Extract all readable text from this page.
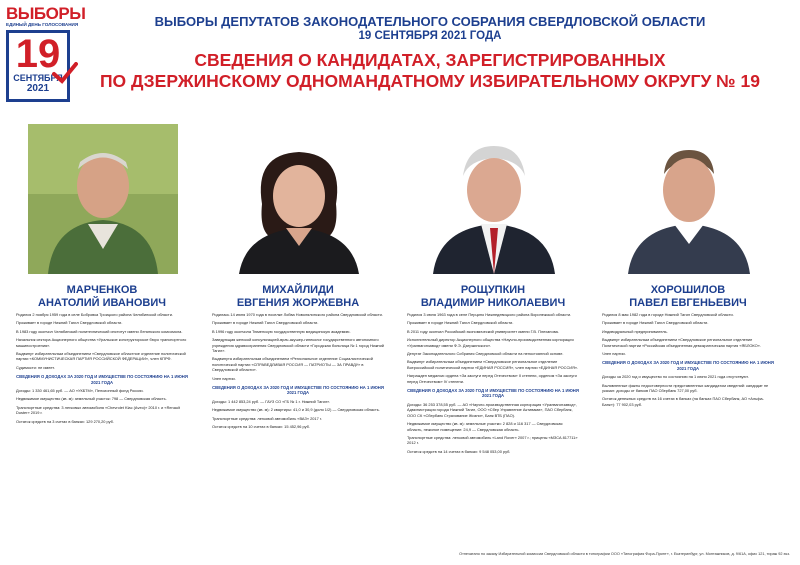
ВЫБОРЫ
ЕДИНЫЙ ДЕНЬ ГОЛОСОВАНИЯ
19
СЕНТЯБРЯ
2021
ВЫБОРЫ ДЕПУТАТОВ ЗАКОНОДАТЕЛЬНОГО СОБРАНИЯ СВЕРДЛОВСКОЙ ОБЛАСТИ
19 СЕНТЯБРЯ 2021 ГОДА
СВЕДЕНИЯ О КАНДИДАТАХ, ЗАРЕГИСТРИРОВАННЫХ
ПО ДЗЕРЖИНСКОМУ ОДНОМАНДАТНОМУ ИЗБИРАТЕЛЬНОМУ ОКРУГУ № 19
МАРЧЕНКОВ
АНАТОЛИЙ ИВАНОВИЧ

Родился 2 ноября 1959 года в селе Бобровка Троицкого района Челябинской области.

Проживает в городе Нижний Тагил Свердловской области.

В 1983 году окончил Челябинский политехнический институт имени Ленинского комсомола.

Начальник сектора Акционерного общества «Уральское конструкторское бюро транспортного машиностроения».

Выдвинут избирательным объединением «Свердловское областное отделение политической партии «КОММУНИСТИЧЕСКАЯ ПАРТИЯ РОССИЙСКОЙ ФЕДЕРАЦИИ», член КПРФ.

Судимости: не имеет.

СВЕДЕНИЯ О ДОХОДАХ ЗА 2020 ГОД И ИМУЩЕСТВЕ ПО СОСТОЯНИЮ НА 1 ИЮНЯ 2021 ГОДА

Доходы: 1 330 461,65 руб. — АО «УКБТМ», Пенсионный фонд России.

Недвижимое имущество (кв. м): земельный участок: 798 — Свердловская область.

Транспортные средства: 3 легковых автомобиля «Chevrolet Klac (Аvео)» 2010 г. и «Renault Duster» 2019 г.

Остаток средств на 3 счетах в банках: 129 270,20 руб.

МИХАЙЛИДИ
ЕВГЕНИЯ ЖОРЖЕВНА

Родилась 14 июня 1970 года в поселке Лобва Новолялинского района Свердловской области.

Проживает в городе Нижний Тагил Свердловской области.

В 1996 году окончила Тюменскую государственную медицинскую академию.

Заведующая женской консультацией-врач-акушер-гинеколог государственного автономного учреждения здравоохранения Свердловской области «Городская больница № 1 город Нижний Тагил».

Выдвинута избирательным объединением «Региональное отделение Социалистической политической партии «СПРАВЕДЛИВАЯ РОССИЯ — ПАТРИОТЫ — ЗА ПРАВДУ» в Свердловской области».

Член партии.

СВЕДЕНИЯ О ДОХОДАХ ЗА 2020 ГОД И ИМУЩЕСТВЕ ПО СОСТОЯНИЮ НА 1 ИЮНЯ 2021 ГОДА

Доходы: 1 442 853,24 руб. — ГАУЗ СО «ГБ № 1 г. Нижний Тагил».

Недвижимое имущество (кв. м): 2 квартиры: 41,0 и 30,9 (доля 1/2) — Свердловская область.

Транспортные средства: легковой автомобиль «ВАЗ» 2017 г.

Остаток средств на 10 счетах в банках: 15 452,96 руб.

РОЩУПКИН
ВЛАДИМИР НИКОЛАЕВИЧ

Родился 3 июня 1963 года в селе Перцино Нижнедевицкого района Воронежской области.

Проживает в городе Нижний Тагил Свердловской области.

В 2011 году окончил Российский экономический университет имени Г.В. Плеханова.

Исполнительный директор Акционерного общества «Научно-производственная корпорация «Уралвагонзавод» имени Ф.Э. Дзержинского».

Депутат Законодательного Собрания Свердловской области на непостоянной основе.

Выдвинут избирательным объединением «Свердловское региональное отделение Всероссийской политической партии «ЕДИНАЯ РОССИЯ», член партии «ЕДИНАЯ РОССИЯ».

Награжден медалью ордена «За заслуги перед Отечеством» II степени, орденом «За заслуги перед Отечеством» IV степени.

СВЕДЕНИЯ О ДОХОДАХ ЗА 2020 ГОД И ИМУЩЕСТВЕ ПО СОСТОЯНИЮ НА 1 ИЮНЯ 2021 ГОДА

Доходы: 36 253 378,55 руб. — АО «Научно-производственная корпорация «Уралвагонзавод», Администрация города Нижний Тагил, ООО «Сбер Управление Активами», ПАО Сбербанк, ООО СК «Сбербанк Страхование Жизни», Банк ВТБ (ПАО).

Недвижимое имущество (кв. м): земельные участки: 2 828 и 116 317 — Свердловская область, нежилое помещение: 24,9 — Свердловская область.

Транспортные средства: легковой автомобиль «Land Rover» 2007 г.; прицепы «МЗСА 817711» 2012 г.

Остаток средств на 14 счетах в банках: 9 548 053,00 руб.

ХОРОШИЛОВ
ПАВЕЛ ЕВГЕНЬЕВИЧ

Родился 8 мая 1982 года в городе Нижний Тагил Свердловской области.

Проживает в городе Нижний Тагил Свердловской области.

Индивидуальный предприниматель.

Выдвинут избирательным объединением «Свердловское региональное отделение Политической партии «Российская объединенная демократическая партия «ЯБЛОКО».

Член партии.

СВЕДЕНИЯ О ДОХОДАХ ЗА 2020 ГОД И ИМУЩЕСТВЕ ПО СОСТОЯНИЮ НА 1 ИЮНЯ 2021 ГОДА

Доходы за 2020 год и имущество по состоянию на 1 июня 2021 года отсутствуют.

Вылявленные факты недостоверности представленных кандидатом сведений: кандидат не указал: доходы от банков ПАО Сбербанк 727,00 руб.

Остаток денежных средств на 16 счетах в банках (на банках ПАО Сбербанк, АО «Альфа-Банк»): 77 902,03 руб.

Отпечатано по заказу Избирательной комиссии Свердловской области в типографии ООО «Типография Фора-Принт», г. Екатеринбург, ул. Монтажников, д. 9/61А, офис 121, тираж 92 экз.
